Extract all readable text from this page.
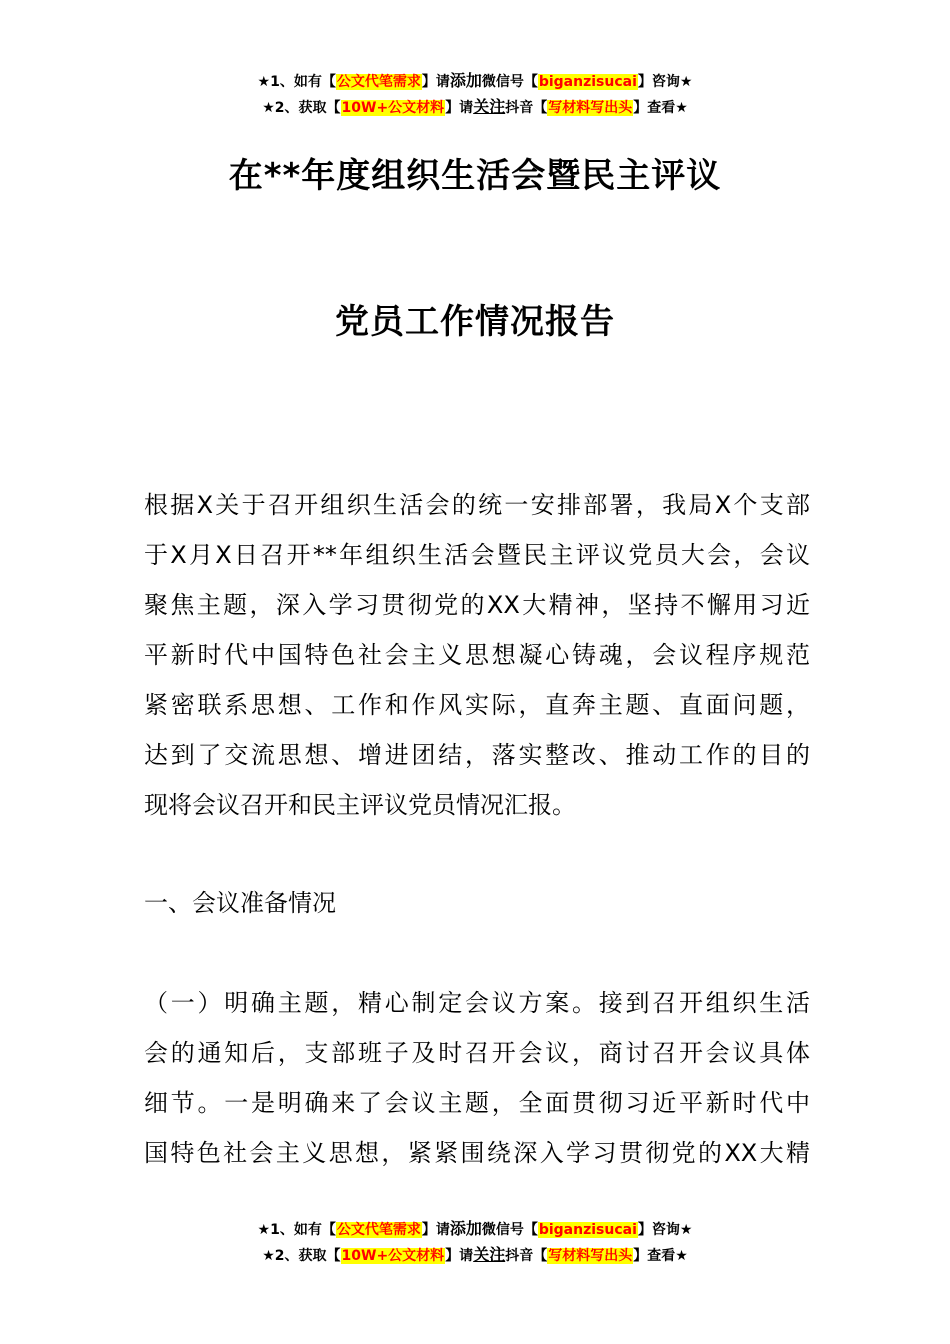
★1、如有【公文代笔需求】请添加微信号【biganzisucai】咨询★
★2、获取【10W+公文材料】请关注抖音【写材料写出头】查看★
在**年度组织生活会暨民主评议
党员工作情况报告
根据X关于召开组织生活会的统一安排部署，我局X个支部
于X月X日召开**年组织生活会暨民主评议党员大会，会议
聚焦主题，深入学习贯彻党的XX大精神，坚持不懈用习近
平新时代中国特色社会主义思想凝心铸魂，会议程序规范
紧密联系思想、工作和作风实际，直奔主题、直面问题，
达到了交流思想、增进团结，落实整改、推动工作的目的
现将会议召开和民主评议党员情况汇报。
一、会议准备情况
（一）明确主题，精心制定会议方案。接到召开组织生活
会的通知后，支部班子及时召开会议，商讨召开会议具体
细节。一是明确来了会议主题，全面贯彻习近平新时代中
国特色社会主义思想，紧紧围绕深入学习贯彻党的XX大精
★1、如有【公文代笔需求】请添加微信号【biganzisucai】咨询★
★2、获取【10W+公文材料】请关注抖音【写材料写出头】查看★
